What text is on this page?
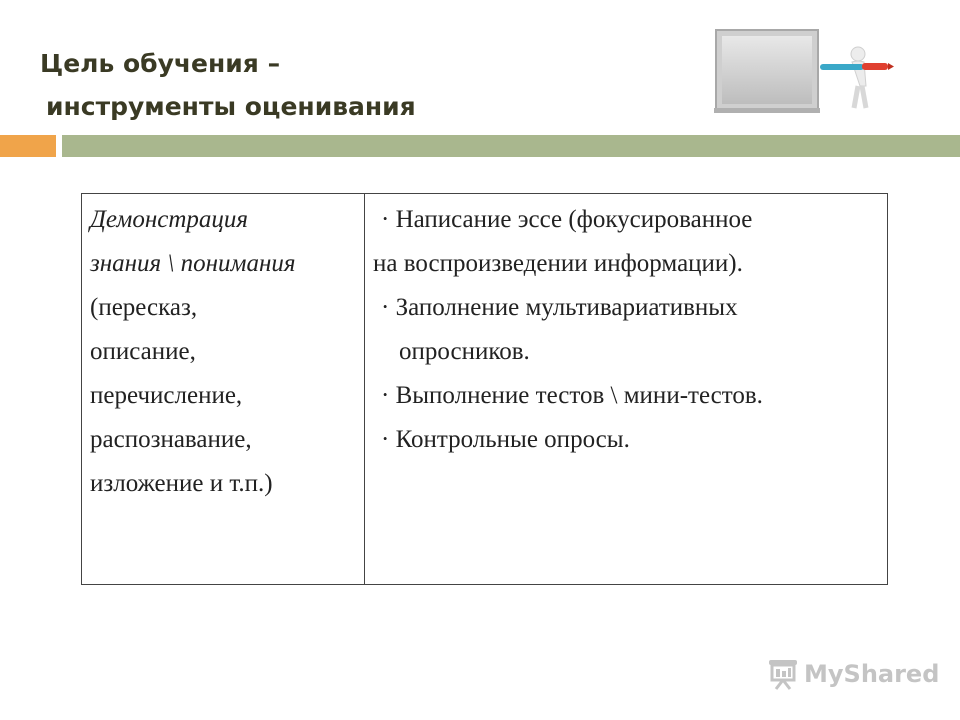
Цель обучения –
инструменты оценивания
Демонстрация
знания \ понимания
(пересказ,
описание,
перечисление,
распознавание,
изложение и т.п.)

· Написание эссе (фокусированное
на воспроизведении информации).
· Заполнение мультивариативных
опросников.
· Выполнение тестов \ мини-тестов.
· Контрольные опросы.
MyShared
